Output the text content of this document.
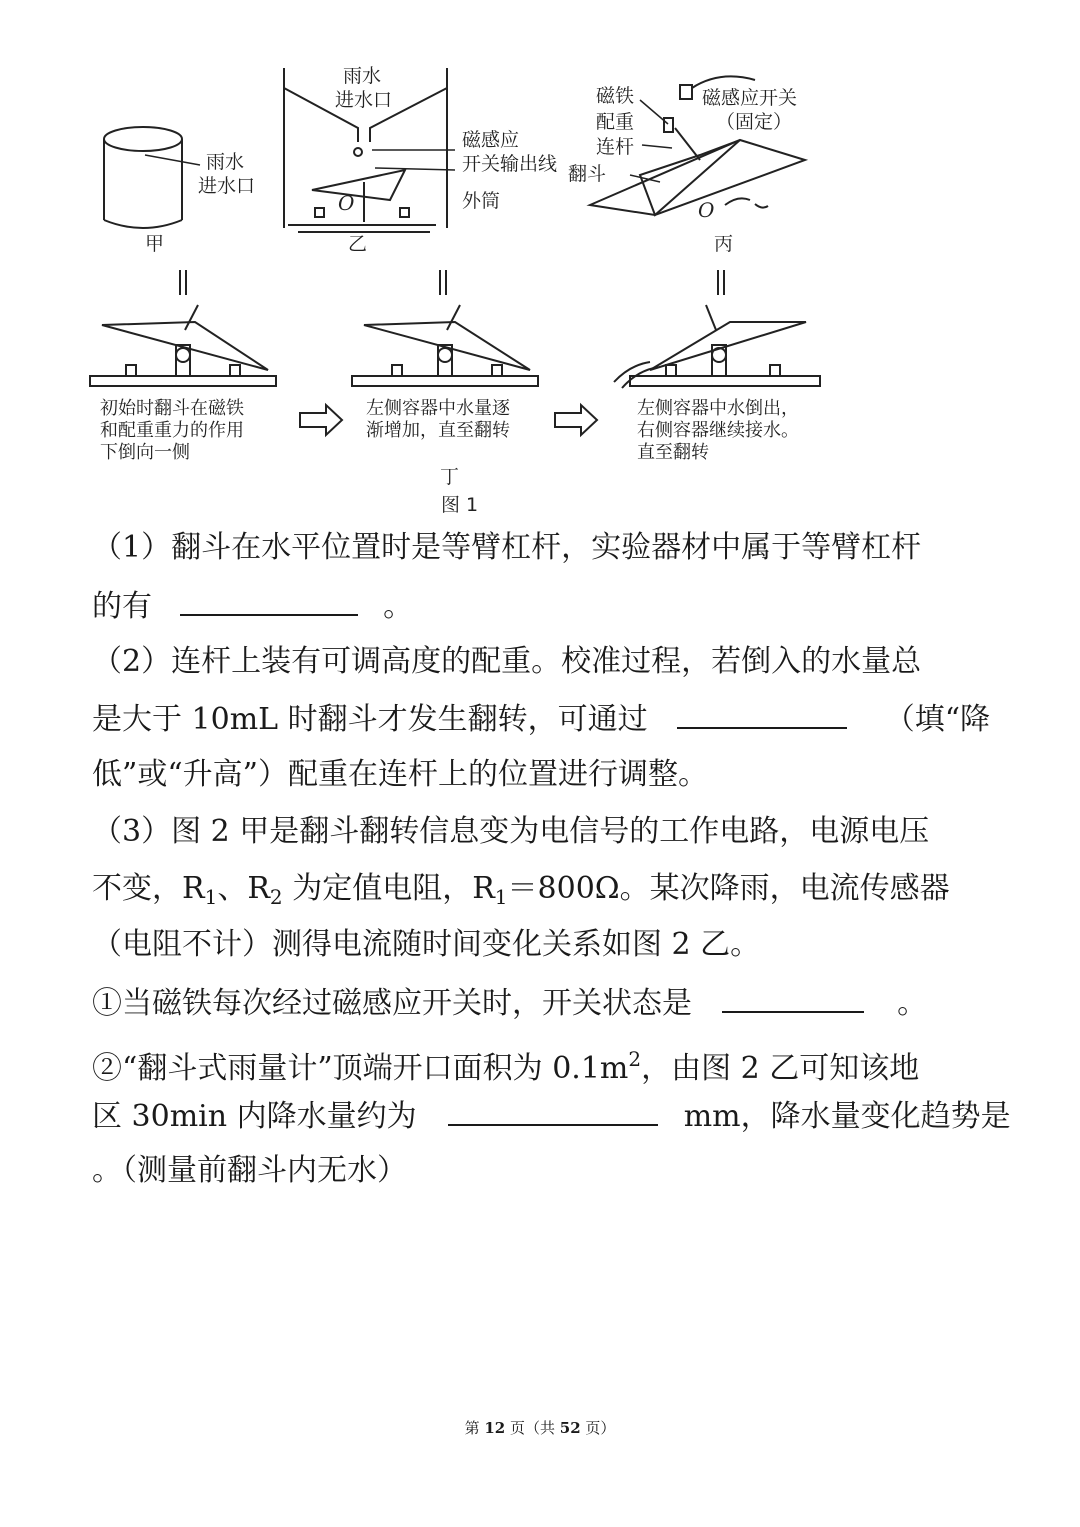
雨水
进水口
甲
雨水
进水口
磁感应
开关输出线
外筒
O
乙
磁铁
配重
连杆
翻斗
磁感应开关
（固定）
O
丙
初始时翻斗在磁铁
和配重重力的作用
下倒向一侧
左侧容器中水量逐
渐增加，直至翻转
左侧容器中水倒出，
右侧容器继续接水。
直至翻转
丁
图 1
（1）翻斗在水平位置时是等臂杠杆，实验器材中属于等臂杠杆
的有	。
（2）连杆上装有可调高度的配重。校准过程，若倒入的水量总
是大于 10mL 时翻斗才发生翻转，可通过	（填“降
低”或“升高”）配重在连杆上的位置进行调整。
（3）图 2 甲是翻斗翻转信息变为电信号的工作电路，电源电压
不变，$R_1$、$R_2$ 为定值电阻，$R_1=800\Omega$。某次降雨，电流传感器
（电阻不计）测得电流随时间变化关系如图 2 乙。
①当磁铁每次经过磁感应开关时，开关状态是	。
②“翻斗式雨量计”顶端开口面积为 $0.1m^2$，由图 2 乙可知该地
区 30min 内降水量约为	mm，降水量变化趋势是
。（测量前翻斗内无水）
第 12 页（共 52 页）
